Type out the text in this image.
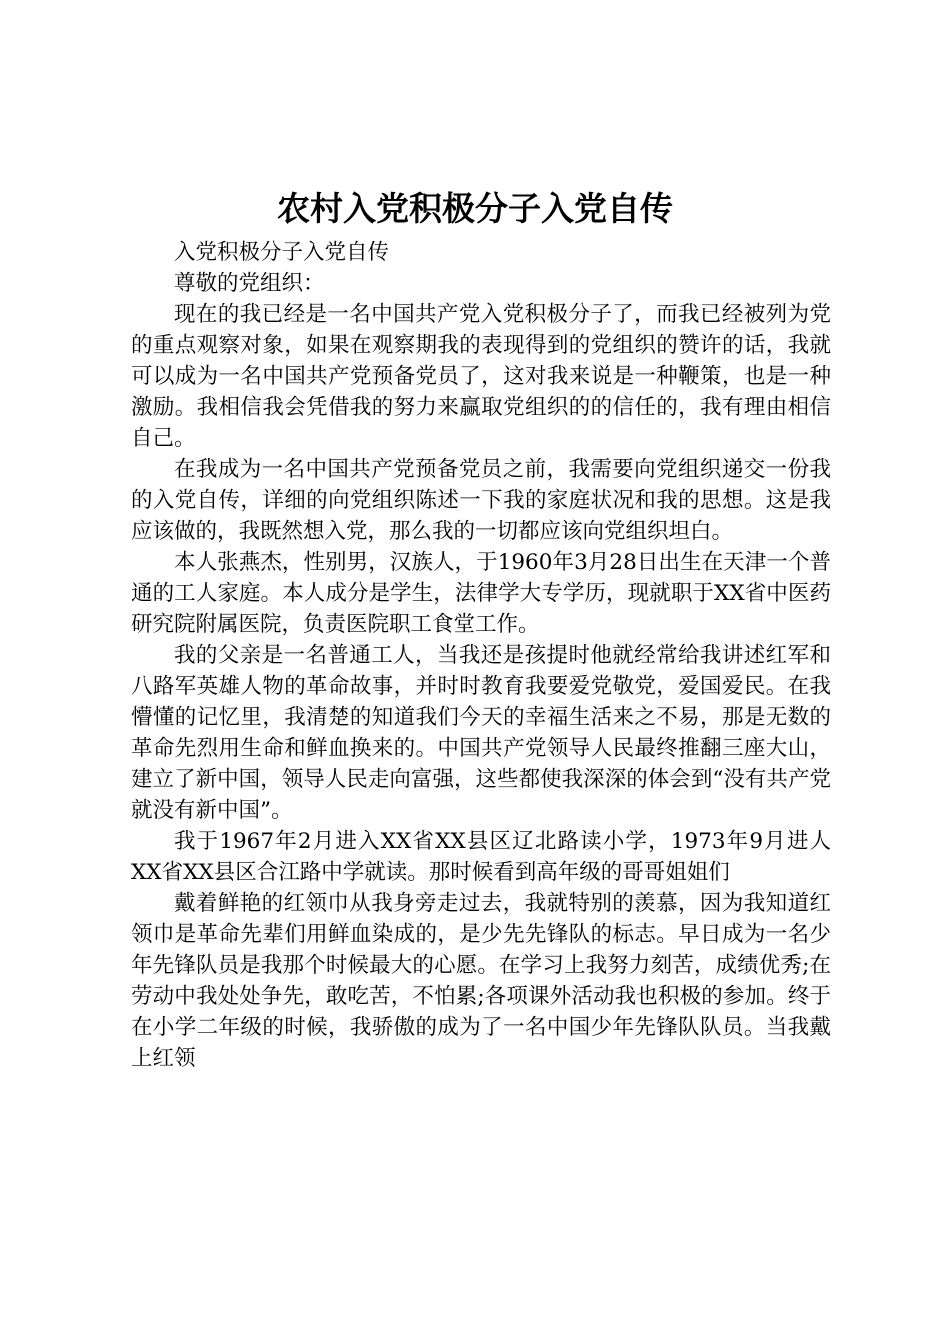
农村入党积极分子入党自传

入党积极分子入党自传

尊敬的党组织：

现在的我已经是一名中国共产党入党积极分子了，而我已经被列为党的重点观察对象，如果在观察期我的表现得到的党组织的赞许的话，我就可以成为一名中国共产党预备党员了，这对我来说是一种鞭策，也是一种激励。我相信我会凭借我的努力来赢取党组织的的信任的，我有理由相信自己。

在我成为一名中国共产党预备党员之前，我需要向党组织递交一份我的入党自传，详细的向党组织陈述一下我的家庭状况和我的思想。这是我应该做的，我既然想入党，那么我的一切都应该向党组织坦白。

本人张燕杰，性别男，汉族人，于1960年3月28日出生在天津一个普通的工人家庭。本人成分是学生，法律学大专学历，现就职于XX省中医药研究院附属医院，负责医院职工食堂工作。

我的父亲是一名普通工人，当我还是孩提时他就经常给我讲述红军和八路军英雄人物的革命故事，并时时教育我要爱党敬党，爱国爱民。在我懵懂的记忆里，我清楚的知道我们今天的幸福生活来之不易，那是无数的革命先烈用生命和鲜血换来的。中国共产党领导人民最终推翻三座大山，建立了新中国，领导人民走向富强，这些都使我深深的体会到“没有共产党就没有新中国”。

我于1967年2月进入XX省XX县区辽北路读小学，1973年9月进人XX省XX县区合江路中学就读。那时候看到高年级的哥哥姐姐们

戴着鲜艳的红领巾从我身旁走过去，我就特别的羡慕，因为我知道红领巾是革命先辈们用鲜血染成的，是少先先锋队的标志。早日成为一名少年先锋队员是我那个时候最大的心愿。在学习上我努力刻苦，成绩优秀;在劳动中我处处争先，敢吃苦，不怕累;各项课外活动我也积极的参加。终于在小学二年级的时候，我骄傲的成为了一名中国少年先锋队队员。当我戴上红领
